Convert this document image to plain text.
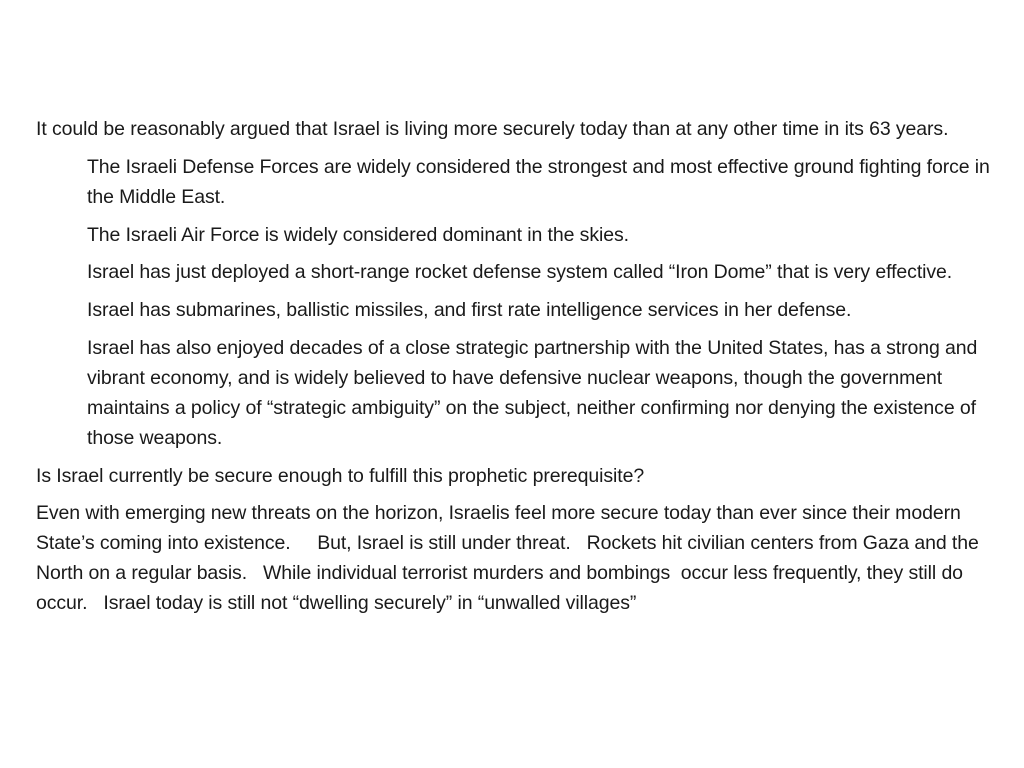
It could be reasonably argued that Israel is living more securely today than at any other time in its 63 years.

The Israeli Defense Forces are widely considered the strongest and most effective ground fighting force in the Middle East.

The Israeli Air Force is widely considered dominant in the skies.

Israel has just deployed a short-range rocket defense system called “Iron Dome” that is very effective.

Israel has submarines, ballistic missiles, and first rate intelligence services in her defense.

Israel has also enjoyed decades of a close strategic partnership with the United States, has a strong and vibrant economy, and is widely believed to have defensive nuclear weapons, though the government maintains a policy of “strategic ambiguity” on the subject, neither confirming nor denying the existence of those weapons.

Is Israel currently be secure enough to fulfill this prophetic prerequisite?

Even with emerging new threats on the horizon, Israelis feel more secure today than ever since their modern State’s coming into existence.     But, Israel is still under threat.   Rockets hit civilian centers from Gaza and the North on a regular basis.   While individual terrorist murders and bombings  occur less frequently, they still do occur.   Israel today is still not “dwelling securely” in “unwalled villages”
